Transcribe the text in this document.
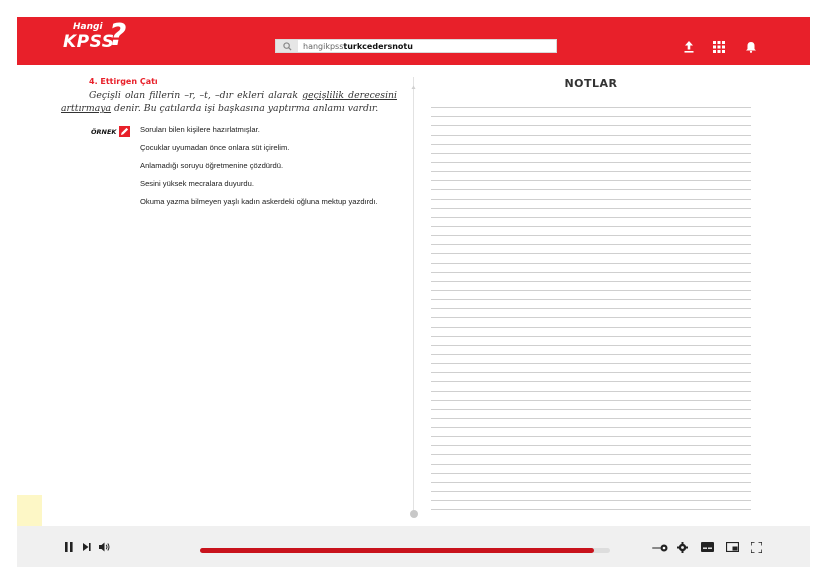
Hangi
KPSS
?	hangikpssturkcedersnotu
4. Ettirgen Çatı
Geçişli olan fillerin –r, –t, –dır ekleri alarak geçişlilik derecesini arttırmaya denir. Bu çatılarda işi başkasına yaptırma anlamı vardır.
ÖRNEK	Soruları bilen kişilere hazırlatmışlar.
Çocuklar uyumadan önce onlara süt içirelim.
Anlamadığı soruyu öğretmenine çözdürdü.
Sesini yüksek mecralara duyurdu.
Okuma yazma bilmeyen yaşlı kadın askerdeki oğluna mektup yazdırdı.
NOTLAR
